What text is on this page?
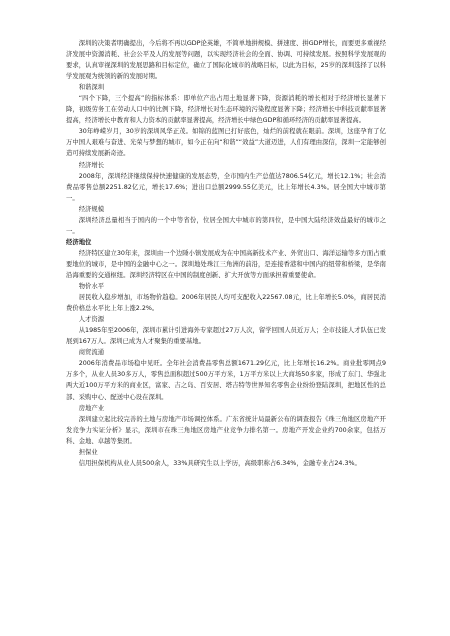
深圳的决策者明确提出，今后将不再以GDP论英雄，不简单地拼规模、拼速度、拼GDP增长，而要更多重视经济发展中资源消耗、社会公平及人的发展等问题，以实现经济社会的全面、协调、可持续发展。按照科学发展观的要求，认真审视深圳的发展思路和目标定位，确立了国际化城市的战略目标，以此为目标，25岁的深圳选择了以科学发展观为统领的新的发展时期。

和谐深圳

“四个下降，三个提高”的指标体系：即单位产出占用土地显著下降，资源消耗的增长相对于经济增长显著下降，初级劳务工在劳动人口中的比例下降，经济增长对生态环境的污染程度显著下降；经济增长中科技贡献率显著提高，经济增长中教育和人力资本的贡献率显著提高，经济增长中绿色GDP和循环经济的贡献率显著提高。

30年峥嵘岁月，30岁的深圳风华正茂。如锦的蓝图已打好底色，灿烂的前程就在眼前。深圳，这座孕育了亿万中国人艰难与奋进、光荣与梦想的城市，如今正在向“和谐”“效益”大道迈进，人们有理由深信，深圳一定能够创造可持续发展新奇迹。

经济增长

2008年，深圳经济继续保持快速健康的发展态势，全市国内生产总值达7806.54亿元，增长12.1%；社会消费品零售总额2251.82亿元，增长17.6%；进出口总额2999.55亿美元，比上年增长4.3%。居全国大中城市第一。

经济规模

深圳经济总量相当于国内的一个中等省份，位居全国大中城市的第四位，是中国大陆经济效益最好的城市之一。

经济地位

经济特区建立30年来，深圳由一个边陲小镇发展成为在中国高新技术产业、外贸出口、海洋运输等多方面占重要地位的城市，是中国的金融中心之一。深圳地处珠江三角洲的前沿，是连接香港和中国内的纽带和桥梁，是华南沿海重要的交通枢纽。深圳经济特区在中国的制度创新、扩大开放等方面承担着重要使命。

物价水平

居民收入稳步增加，市场物价趋稳。2006年居民人均可支配收入22567.08元，比上年增长5.0%，商居民消费价格总水平比上年上涨2.2%。

人才资源

从1985年至2006年，深圳市累计引进海外专家超过27万人次，留学回国人员近万人；全市技能人才队伍已发展到167万人。深圳已成为人才聚集的重要基地。

商贸流通

2006年消费品市场稳中见旺。全年社会消费品零售总额1671.29亿元，比上年增长16.2%。商业批零网点9万多个，从业人员30多万人，零售总面积超过500万平方米，1万平方米以上大商场50多家，形成了东门、华强北两大近100万平方米的商业区，富家、吉之岛、百安居、塔吉特等世界知名零售企业纷纷登陆深圳，把地区性的总部、采购中心、配送中心设在深圳。

房地产业

深圳建立起比较完善的土地与房地产市场调控体系。广东省统计局最新公布的调查报告《珠三角地区房地产开发竞争力实证分析》显示，深圳市在珠三角地区房地产业竞争力排名第一。房地产开发企业约700余家，包括万科、金地、卓越等集团。

担保业

信用担保机构从业人员500余人，33%具研究生以上学历，高级职称占6.34%，金融专业占24.3%。
